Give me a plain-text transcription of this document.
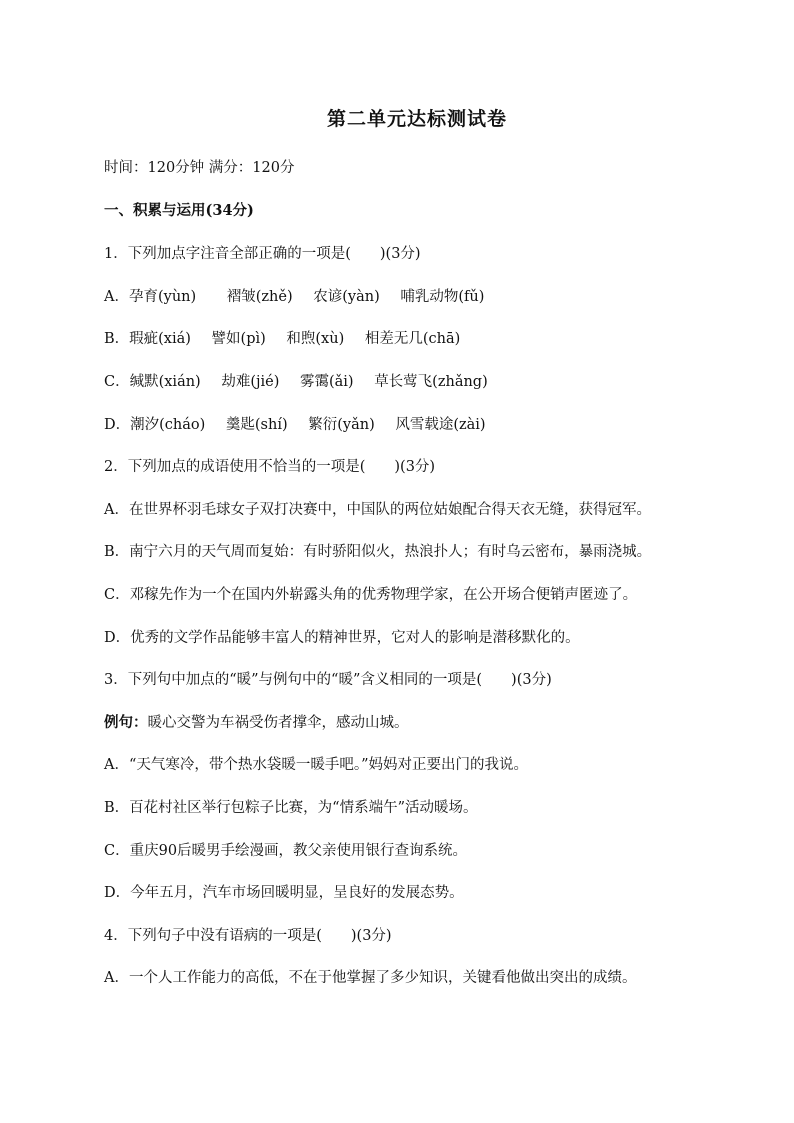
第二单元达标测试卷
时间：120分钟 满分：120分
一、积累与运用(34分)
1．下列加点字注音全部正确的一项是(　　)(3分)
A．孕育(yùn) 褶皱(zhě) 农谚(yàn) 哺乳动物(fǔ)
B．瑕疵(xiá) 譬如(pì) 和煦(xù) 相差无几(chā)
C．缄默(xián) 劫难(jié) 雾霭(ǎi) 草长莺飞(zhǎng)
D．潮汐(cháo) 羹匙(shí) 繁衍(yǎn) 风雪载途(zài)
2．下列加点的成语使用不恰当的一项是(　　)(3分)
A．在世界杯羽毛球女子双打决赛中，中国队的两位姑娘配合得天衣无缝，获得冠军。
B．南宁六月的天气周而复始：有时骄阳似火，热浪扑人；有时乌云密布，暴雨浇城。
C．邓稼先作为一个在国内外崭露头角的优秀物理学家，在公开场合便销声匿迹了。
D．优秀的文学作品能够丰富人的精神世界，它对人的影响是潜移默化的。
3．下列句中加点的“暖”与例句中的“暖”含义相同的一项是(　　)(3分)
例句：暖心交警为车祸受伤者撑伞，感动山城。
A．“天气寒冷，带个热水袋暖一暖手吧。”妈妈对正要出门的我说。
B．百花村社区举行包粽子比赛，为“情系端午”活动暖场。
C．重庆90后暖男手绘漫画，教父亲使用银行查询系统。
D．今年五月，汽车市场回暖明显，呈良好的发展态势。
4．下列句子中没有语病的一项是(　　)(3分)
A．一个人工作能力的高低，不在于他掌握了多少知识，关键看他做出突出的成绩。
